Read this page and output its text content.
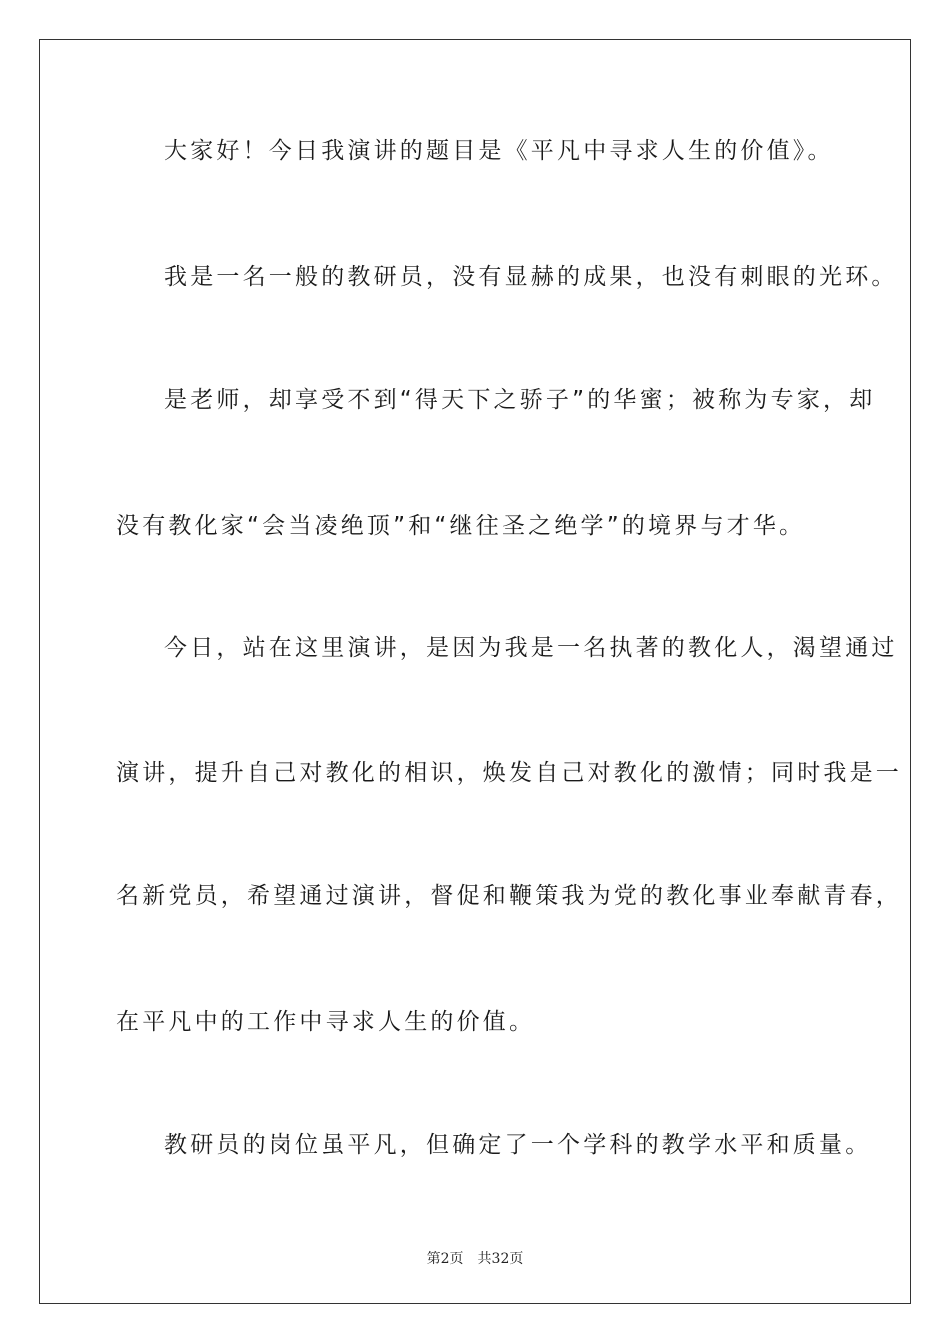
大家好！今日我演讲的题目是《平凡中寻求人生的价值》。
我是一名一般的教研员，没有显赫的成果，也没有刺眼的光环。
是老师，却享受不到“得天下之骄子”的华蜜；被称为专家，却
没有教化家“会当凌绝顶”和“继往圣之绝学”的境界与才华。
今日，站在这里演讲，是因为我是一名执著的教化人，渴望通过
演讲，提升自己对教化的相识，焕发自己对教化的激情；同时我是一
名新党员，希望通过演讲，督促和鞭策我为党的教化事业奉献青春，
在平凡中的工作中寻求人生的价值。
教研员的岗位虽平凡，但确定了一个学科的教学水平和质量。
第2页 共32页
